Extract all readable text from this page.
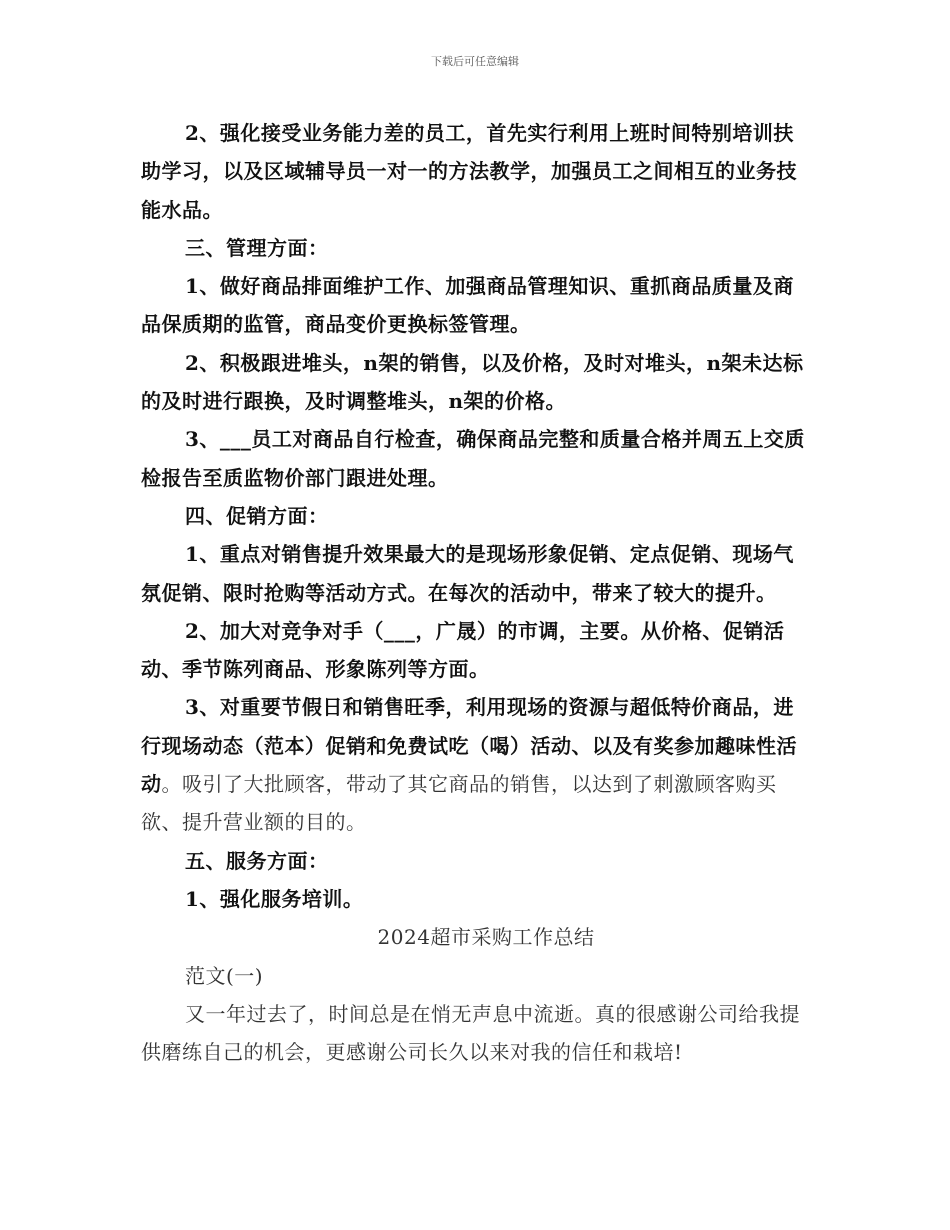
下载后可任意编辑

2、强化接受业务能力差的员工，首先实行利用上班时间特别培训扶助学习，以及区域辅导员一对一的方法教学，加强员工之间相互的业务技能水品。

三、管理方面：

1、做好商品排面维护工作、加强商品管理知识、重抓商品质量及商品保质期的监管，商品变价更换标签管理。

2、积极跟进堆头，n架的销售，以及价格，及时对堆头，n架未达标的及时进行跟换，及时调整堆头，n架的价格。

3、___员工对商品自行检查，确保商品完整和质量合格并周五上交质检报告至质监物价部门跟进处理。

四、促销方面：

1、重点对销售提升效果最大的是现场形象促销、定点促销、现场气氛促销、限时抢购等活动方式。在每次的活动中，带来了较大的提升。

2、加大对竞争对手（___，广晟）的市调，主要。从价格、促销活动、季节陈列商品、形象陈列等方面。

3、对重要节假日和销售旺季，利用现场的资源与超低特价商品，进行现场动态（范本）促销和免费试吃（喝）活动、以及有奖参加趣味性活动。吸引了大批顾客，带动了其它商品的销售，以达到了刺激顾客购买欲、提升营业额的目的。

五、服务方面：

1、强化服务培训。

2024超市采购工作总结

范文(一)

又一年过去了，时间总是在悄无声息中流逝。真的很感谢公司给我提供磨练自己的机会，更感谢公司长久以来对我的信任和栽培!
